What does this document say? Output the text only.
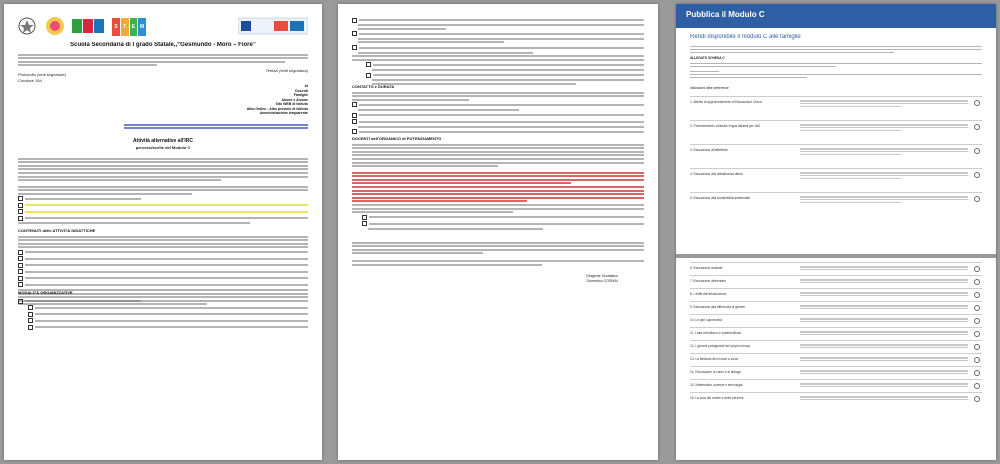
S	T	E M
Scuola Secondaria di I grado Statale,,“Gesmundo - Moro – Fiore”
Protocollo (vedi segnatura)
Circolare 184
Terlizzi (vedi segnatura)
Ai
Docenti
Famiglie
Alunni e Alunne
Sito WEB di Istituto
Albo Online - Albo pretorio di Istituto
Amministrazione trasparente
Attività alternative all'IRC
percorsi/scelte del Modulo C
CONTENUTI delle ATTIVITÀ DIDATTICHE
MODALITÀ ORGANIZZATIVE
CONTATTO e DURATA
DOCENTI dell'ORGANICO di POTENZIAMENTO
Dirigente Scolastico
Domenico COSMAI
Pubblica il Modulo C
Rendi disponibile il modulo C alle famiglie
ALLEGATO SCHEDA C
Indicazioni delle preferenze
1. Attività di approfondimento di Educazione Civica
2. Potenziamento culturale lingua italiana per NAI
3. Educazione all'affettività
4. Educazione alla cittadinanza attiva
5. Educazione alla sostenibilità ambientale
6. Educazione stradale
7. Educazione alimentare
8. I diritti dell'adolescenza
9. Educazione alla differenza di genere
10. Le pari opportunità
11. Lotta al bullismo e cyberbullismo
12. I giovani protagonisti del proprio tempo
13. La bellezza del mondo a colori
14. Educazione ai valori e al dialogo
15. Matematica, scienze e tecnologia
16. La cura del creato e delle persone
